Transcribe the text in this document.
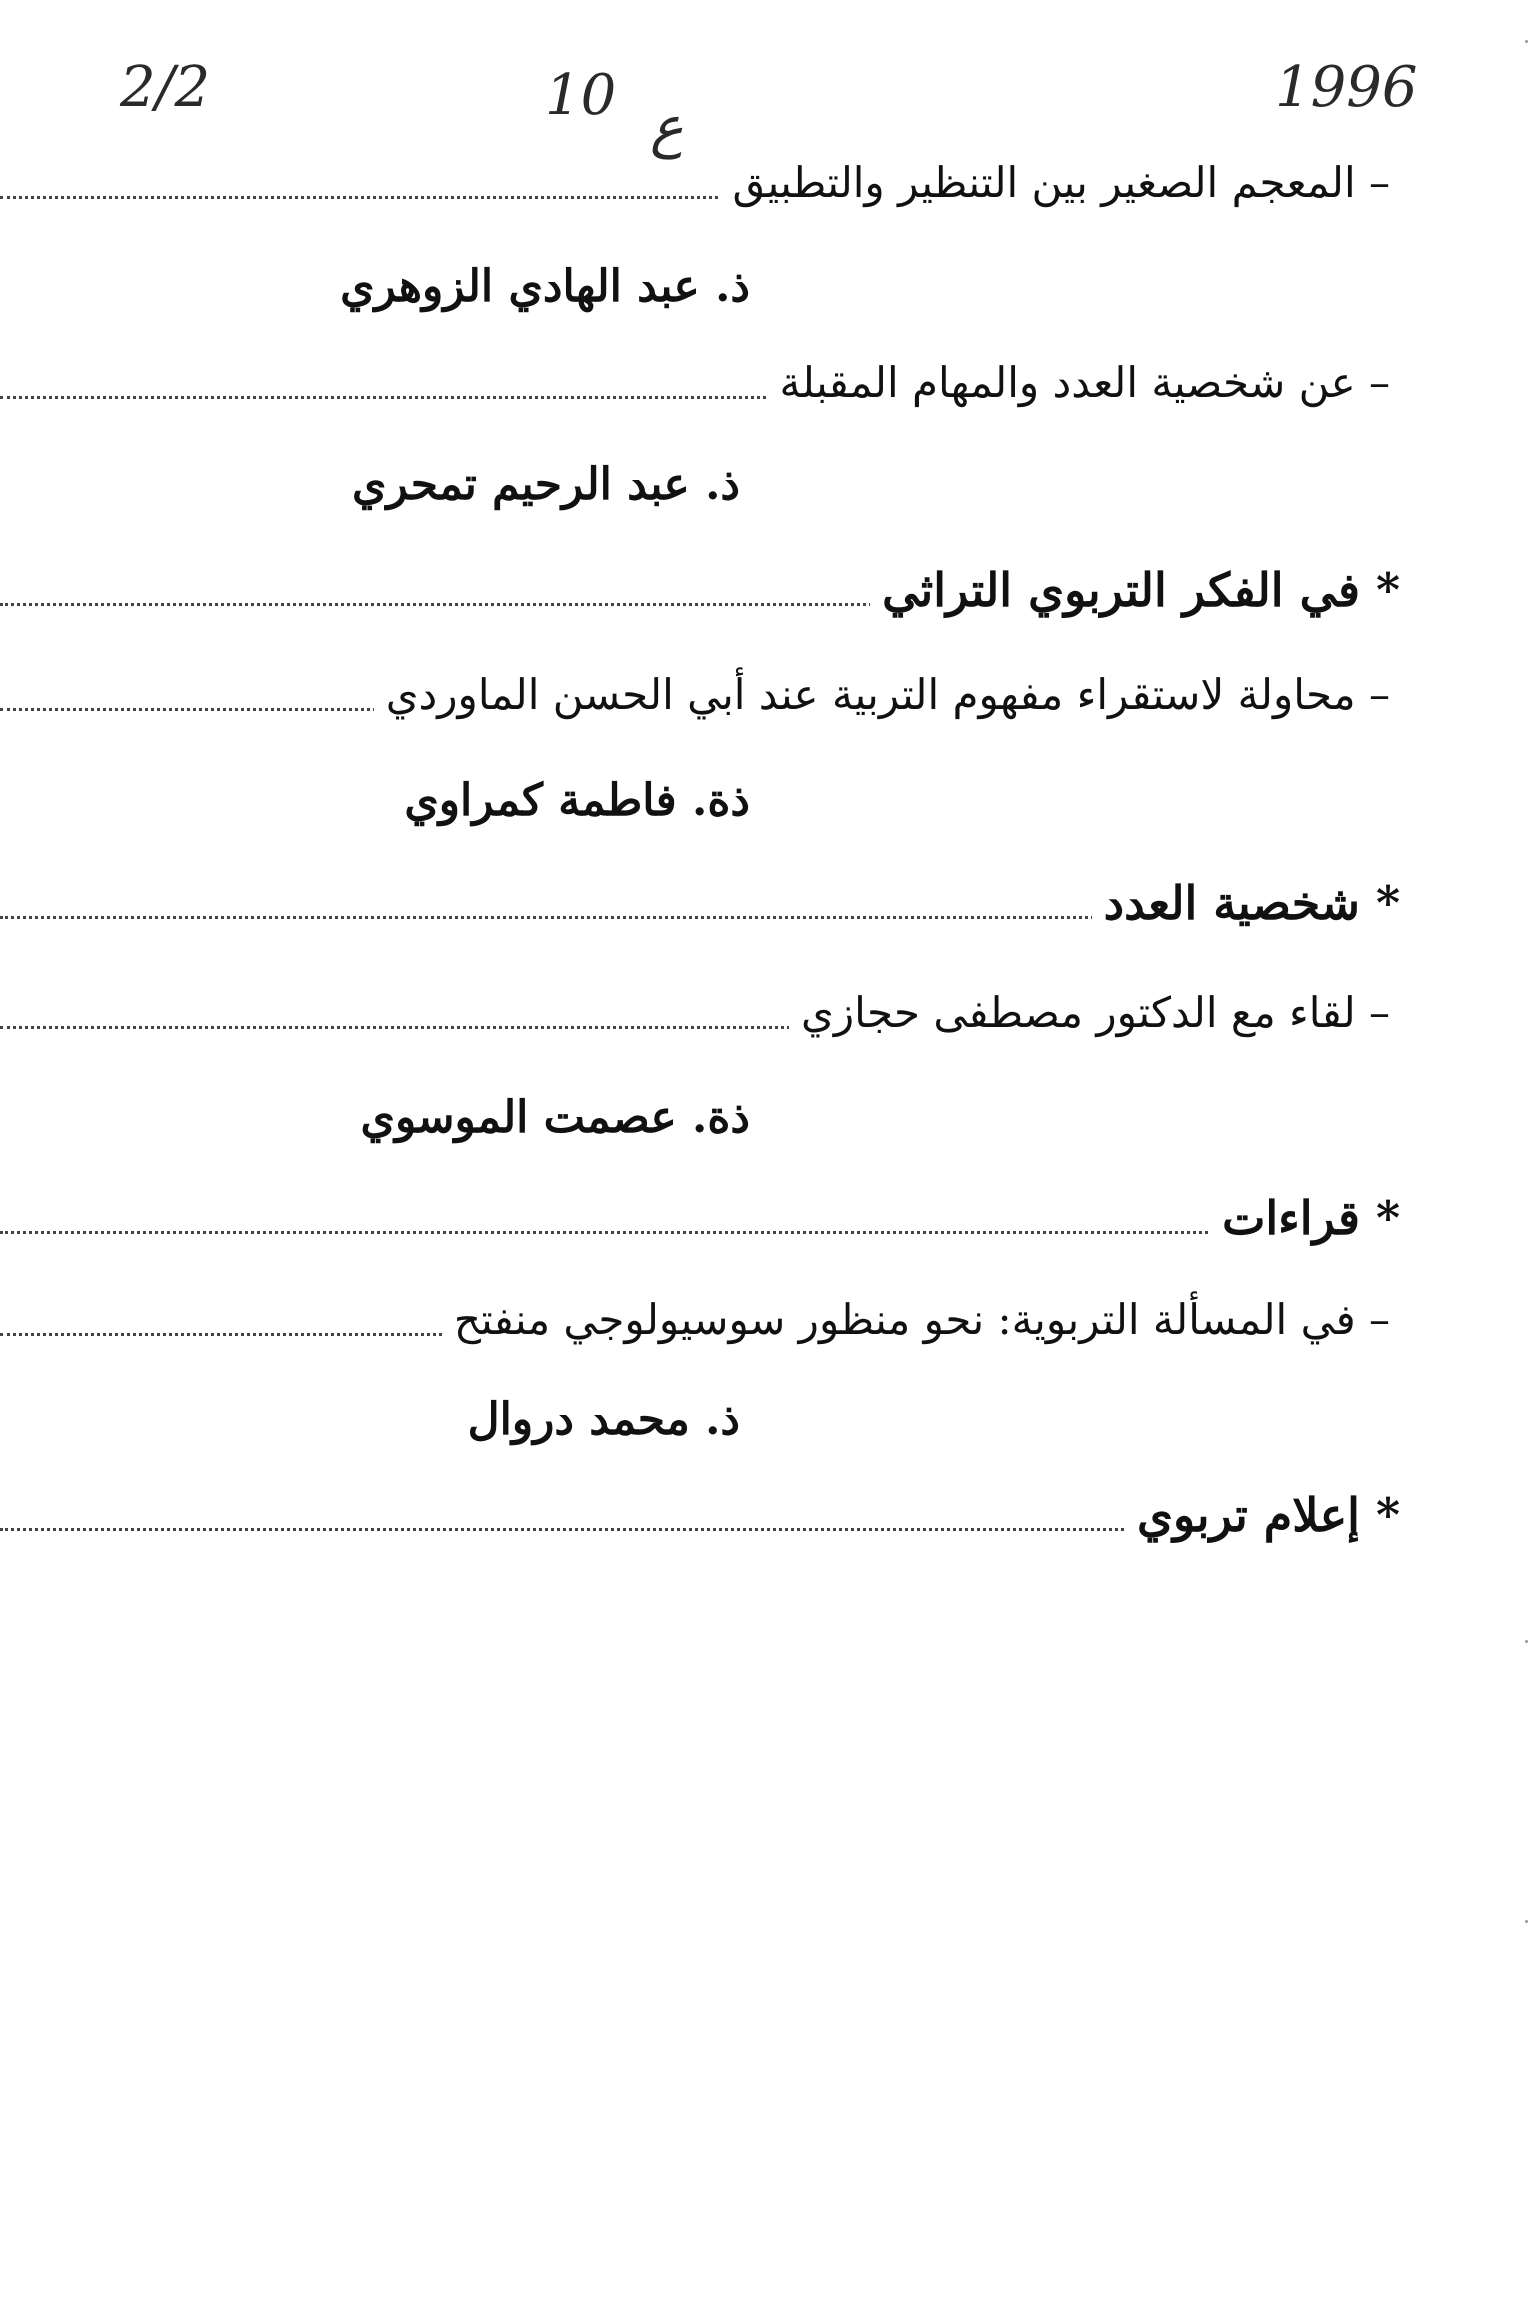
2/2	10 ع
1996
– المعجم الصغير بين التنظير والتطبيق
ذ. عبد الهادي الزوهري
– عن شخصية العدد والمهام المقبلة
ذ. عبد الرحيم تمحري
* في الفكر التربوي التراثي
– محاولة لاستقراء مفهوم التربية عند أبي الحسن الماوردي
ذة. فاطمة كمراوي
* شخصية العدد
– لقاء مع الدكتور مصطفى حجازي
ذة. عصمت الموسوي
* قراءات
– في المسألة التربوية: نحو منظور سوسيولوجي منفتح
ذ. محمد دروال
* إعلام تربوي
